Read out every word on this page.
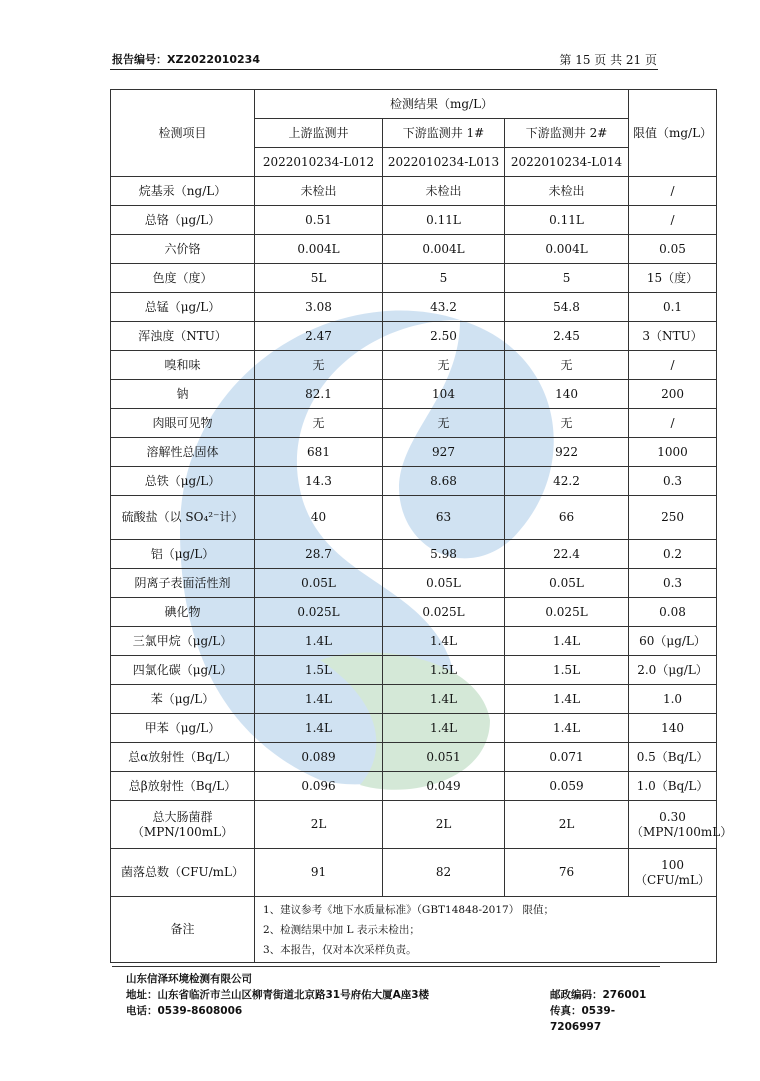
报告编号：XZ2022010234	第 15 页 共 21 页
检测项目	检测结果（mg/L）			限值（mg/L）
	上游监测井	下游监测井 1#	下游监测井 2#	
	2022010234-L012	2022010234-L013	2022010234-L014	
烷基汞（ng/L）	未检出	未检出	未检出	/
总铬（μg/L）	0.51	0.11L	0.11L	/
六价铬	0.004L	0.004L	0.004L	0.05
色度（度）	5L	5	5	15（度）
总锰（μg/L）	3.08	43.2	54.8	0.1
浑浊度（NTU）	2.47	2.50	2.45	3（NTU）
嗅和味	无	无	无	/
钠	82.1	104	140	200
肉眼可见物	无	无	无	/
溶解性总固体	681	927	922	1000
总铁（μg/L）	14.3	8.68	42.2	0.3
硫酸盐（以 SO₄²⁻计）	40	63	66	250
铝（μg/L）	28.7	5.98	22.4	0.2
阴离子表面活性剂	0.05L	0.05L	0.05L	0.3
碘化物	0.025L	0.025L	0.025L	0.08
三氯甲烷（μg/L）	1.4L	1.4L	1.4L	60（μg/L）
四氯化碳（μg/L）	1.5L	1.5L	1.5L	2.0（μg/L）
苯（μg/L）	1.4L	1.4L	1.4L	1.0
甲苯（μg/L）	1.4L	1.4L	1.4L	140
总α放射性（Bq/L）	0.089	0.051	0.071	0.5（Bq/L）
总β放射性（Bq/L）	0.096	0.049	0.059	1.0（Bq/L）
总大肠菌群（MPN/100mL）	2L	2L	2L	0.30（MPN/100mL）
菌落总数（CFU/mL）	91	82	76	100（CFU/mL）
备注	1、建议参考《地下水质量标准》（GBT14848-2017） 限值；
2、检测结果中加 L 表示未检出；
3、本报告，仅对本次采样负责。			
山东信泽环境检测有限公司
地址：山东省临沂市兰山区柳青街道北京路31号府佑大厦A座3楼
电话：0539-8608006
邮政编码：276001
传真：0539-7206997
